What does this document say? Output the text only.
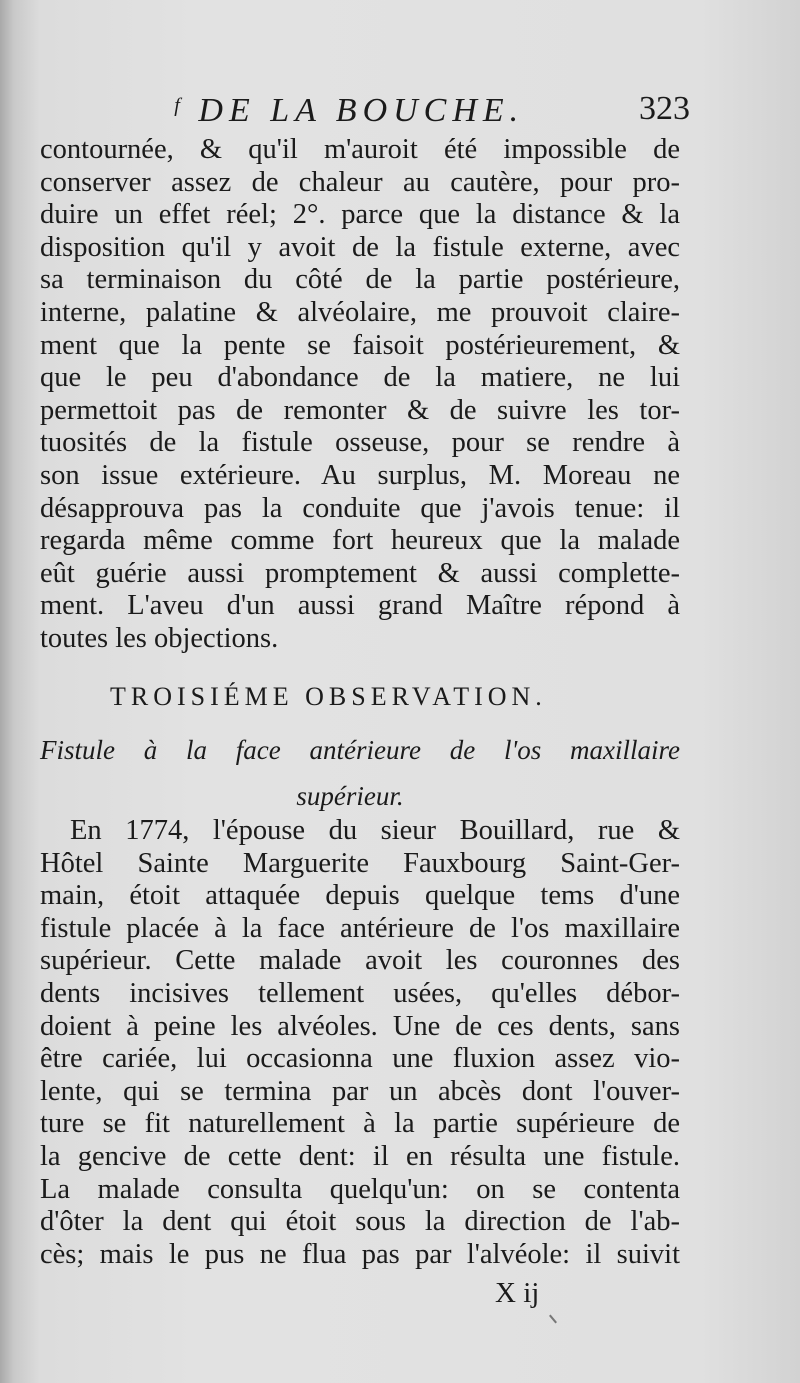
ᶠ DE LA BOUCHE.	323
contournée, & qu'il m'auroit été impossible de
conserver assez de chaleur au cautère, pour pro-
duire un effet réel; 2°. parce que la distance & la
disposition qu'il y avoit de la fistule externe, avec
sa terminaison du côté de la partie postérieure,
interne, palatine & alvéolaire, me prouvoit claire-
ment que la pente se faisoit postérieurement, &
que le peu d'abondance de la matiere, ne lui
permettoit pas de remonter & de suivre les tor-
tuosités de la fistule osseuse, pour se rendre à
son issue extérieure. Au surplus, M. Moreau ne
désapprouva pas la conduite que j'avois tenue: il
regarda même comme fort heureux que la malade
eût guérie aussi promptement & aussi complette-
ment. L'aveu d'un aussi grand Maître répond à
toutes les objections.
TROISIÉME OBSERVATION.
Fistule à la face antérieure de l'os maxillaire
supérieur.
En 1774, l'épouse du sieur Bouillard, rue &
Hôtel Sainte Marguerite Fauxbourg Saint-Ger-
main, étoit attaquée depuis quelque tems d'une
fistule placée à la face antérieure de l'os maxillaire
supérieur. Cette malade avoit les couronnes des
dents incisives tellement usées, qu'elles débor-
doient à peine les alvéoles. Une de ces dents, sans
être cariée, lui occasionna une fluxion assez vio-
lente, qui se termina par un abcès dont l'ouver-
ture se fit naturellement à la partie supérieure de
la gencive de cette dent: il en résulta une fistule.
La malade consulta quelqu'un: on se contenta
d'ôter la dent qui étoit sous la direction de l'ab-
cès; mais le pus ne flua pas par l'alvéole: il suivit
X ij
